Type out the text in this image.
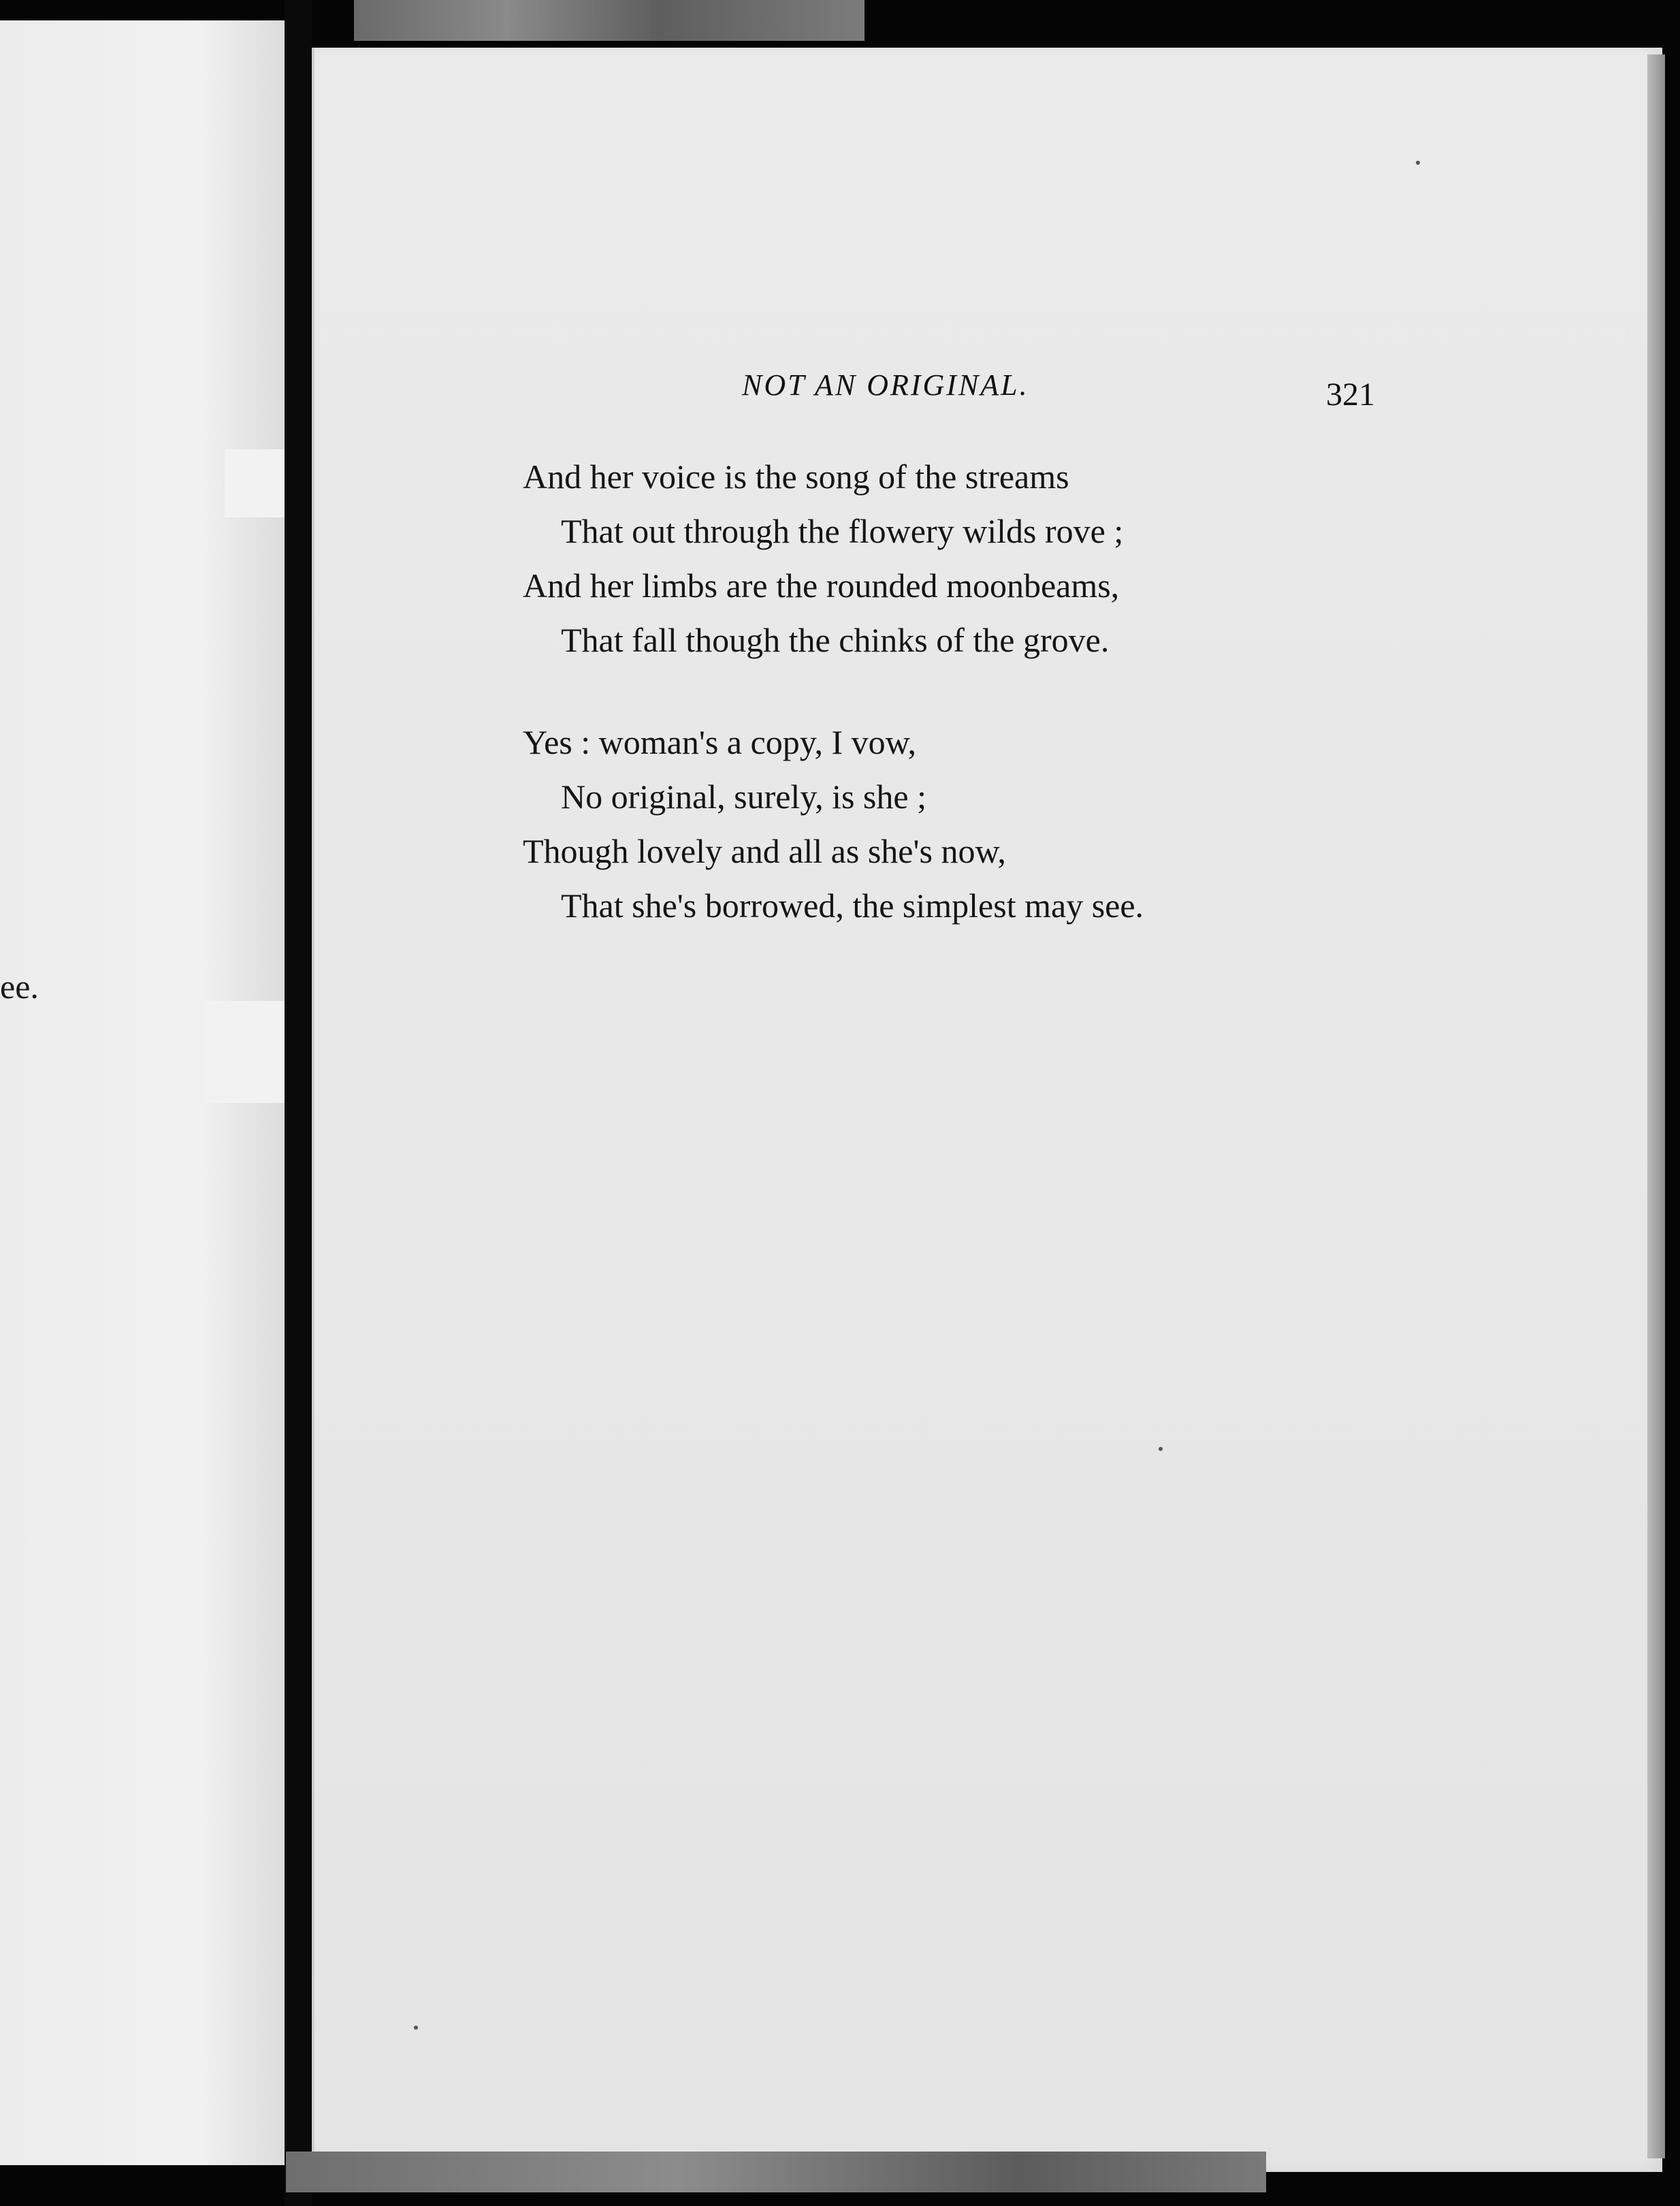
ee.
NOT AN ORIGINAL.	321
And her voice is the song of the streams
That out through the flowery wilds rove ;
And her limbs are the rounded moonbeams,
That fall though the chinks of the grove.
Yes : woman's a copy, I vow,
No original, surely, is she ;
Though lovely and all as she's now,
That she's borrowed, the simplest may see.
